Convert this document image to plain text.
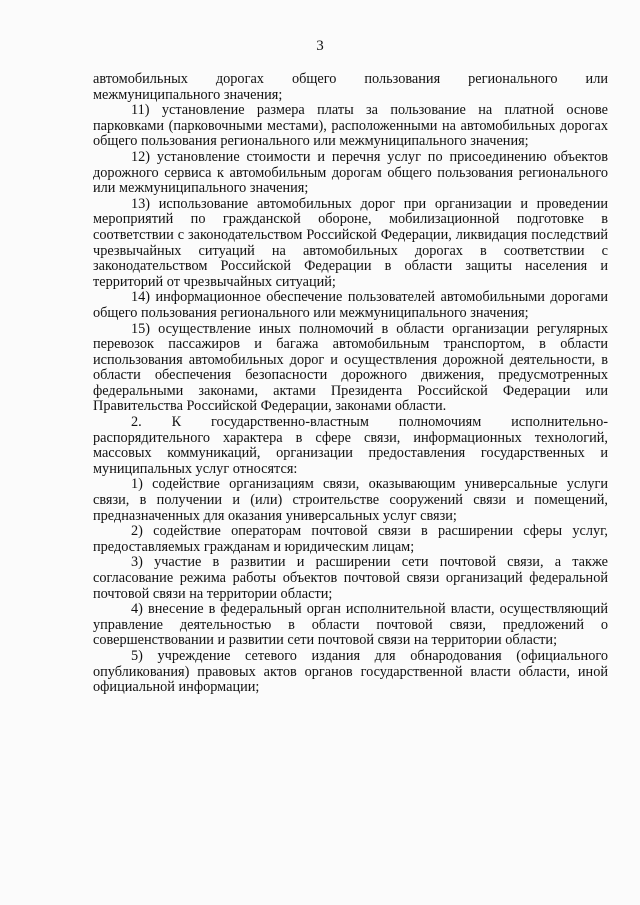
3

автомобильных дорогах общего пользования регионального или межмуниципального значения;

11) установление размера платы за пользование на платной основе парковками (парковочными местами), расположенными на автомобильных дорогах общего пользования регионального или межмуниципального значения;

12) установление стоимости и перечня услуг по присоединению объектов дорожного сервиса к автомобильным дорогам общего пользования регионального или межмуниципального значения;

13) использование автомобильных дорог при организации и проведении мероприятий по гражданской обороне, мобилизационной подготовке в соответствии с законодательством Российской Федерации, ликвидация последствий чрезвычайных ситуаций на автомобильных дорогах в соответствии с законодательством Российской Федерации в области защиты населения и территорий от чрезвычайных ситуаций;

14) информационное обеспечение пользователей автомобильными дорогами общего пользования регионального или межмуниципального значения;

15) осуществление иных полномочий в области организации регулярных перевозок пассажиров и багажа автомобильным транспортом, в области использования автомобильных дорог и осуществления дорожной деятельности, в области обеспечения безопасности дорожного движения, предусмотренных федеральными законами, актами Президента Российской Федерации или Правительства Российской Федерации, законами области.

2. К государственно-властным полномочиям исполнительно-распорядительного характера в сфере связи, информационных технологий, массовых коммуникаций, организации предоставления государственных и муниципальных услуг относятся:

1) содействие организациям связи, оказывающим универсальные услуги связи, в получении и (или) строительстве сооружений связи и помещений, предназначенных для оказания универсальных услуг связи;

2) содействие операторам почтовой связи в расширении сферы услуг, предоставляемых гражданам и юридическим лицам;

3) участие в развитии и расширении сети почтовой связи, а также согласование режима работы объектов почтовой связи организаций федеральной почтовой связи на территории области;

4) внесение в федеральный орган исполнительной власти, осуществляющий управление деятельностью в области почтовой связи, предложений о совершенствовании и развитии сети почтовой связи на территории области;

5) учреждение сетевого издания для обнародования (официального опубликования) правовых актов органов государственной власти области, иной официальной информации;
